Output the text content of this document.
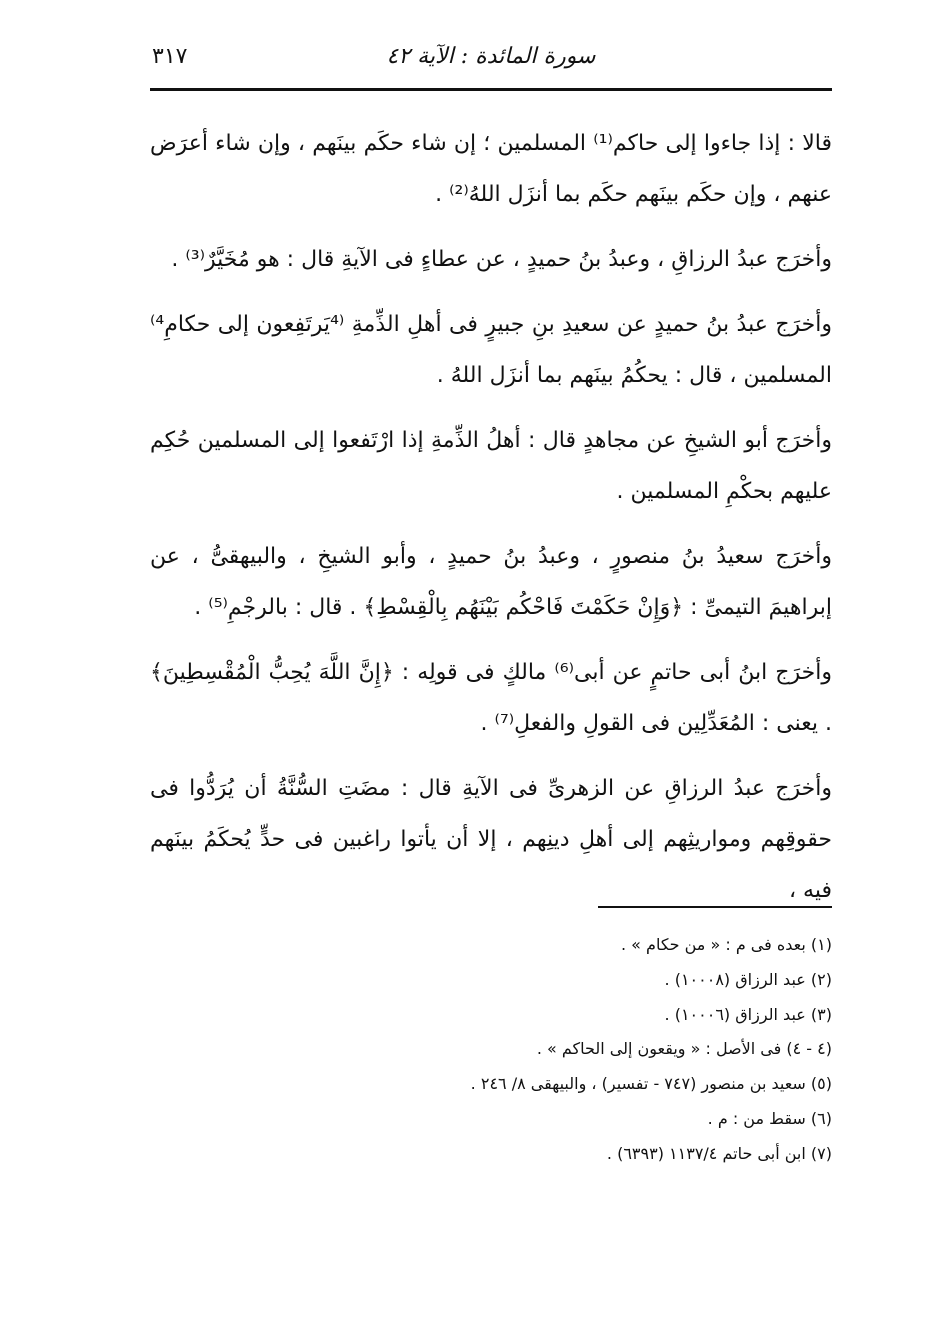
سورة المائدة : الآية ٤٢
٣١٧

قالا : إذا جاءوا إلى حاكم⁽¹⁾ المسلمين ؛ إن شاء حكَم بينَهم ، وإن شاء أعرَض عنهم ، وإن حكَم بينَهم حكَم بما أنزَل اللهُ⁽²⁾ .

وأخرَج عبدُ الرزاقِ ، وعبدُ بنُ حميدٍ ، عن عطاءٍ فى الآيةِ قال : هو مُخَيَّرٌ⁽³⁾ .

وأخرَج عبدُ بنُ حميدٍ عن سعيدِ بنِ جبيرٍ فى أهلِ الذِّمةِ ⁽⁴يَرتَفِعون إلى حكامِ⁴⁾ المسلمين ، قال : يحكُمُ بينَهم بما أنزَل اللهُ .

وأخرَج أبو الشيخِ عن مجاهدٍ قال : أهلُ الذِّمةِ إذا ارْتَفعوا إلى المسلمين حُكِم عليهم بحكْمِ المسلمين .

وأخرَج سعيدُ بنُ منصورٍ ، وعبدُ بنُ حميدٍ ، وأبو الشيخِ ، والبيهقىُّ ، عن إبراهيمَ التيمىِّ : ﴿وَإِنْ حَكَمْتَ فَاحْكُم بَيْنَهُم بِالْقِسْطِ﴾ . قال : بالرجْمِ⁽⁵⁾ .

وأخرَج ابنُ أبى حاتمٍ عن أبى⁽⁶⁾ مالكٍ فى قولِه : ﴿إِنَّ اللَّهَ يُحِبُّ الْمُقْسِطِينَ﴾ . يعنى : المُعَدِّلِين فى القولِ والفعلِ⁽⁷⁾ .

وأخرَج عبدُ الرزاقِ عن الزهرىِّ فى الآيةِ قال : مضَتِ السُّنَّةُ أن يُرَدُّوا فى حقوقِهم ومواريثِهم إلى أهلِ دينِهم ، إلا أن يأتوا راغبين فى حدٍّ يُحكَمُ بينَهم فيه ،

(١) بعده فى م : « من حكام » .
(٢) عبد الرزاق (١٠٠٠٨) .
(٣) عبد الرزاق (١٠٠٠٦) .
(٤ - ٤) فى الأصل : « ويقعون إلى الحاكم » .
(٥) سعيد بن منصور (٧٤٧ - تفسير) ، والبيهقى ٨/ ٢٤٦ .
(٦) سقط من : م .
(٧) ابن أبى حاتم ١١٣٧/٤ (٦٣٩٣) .
